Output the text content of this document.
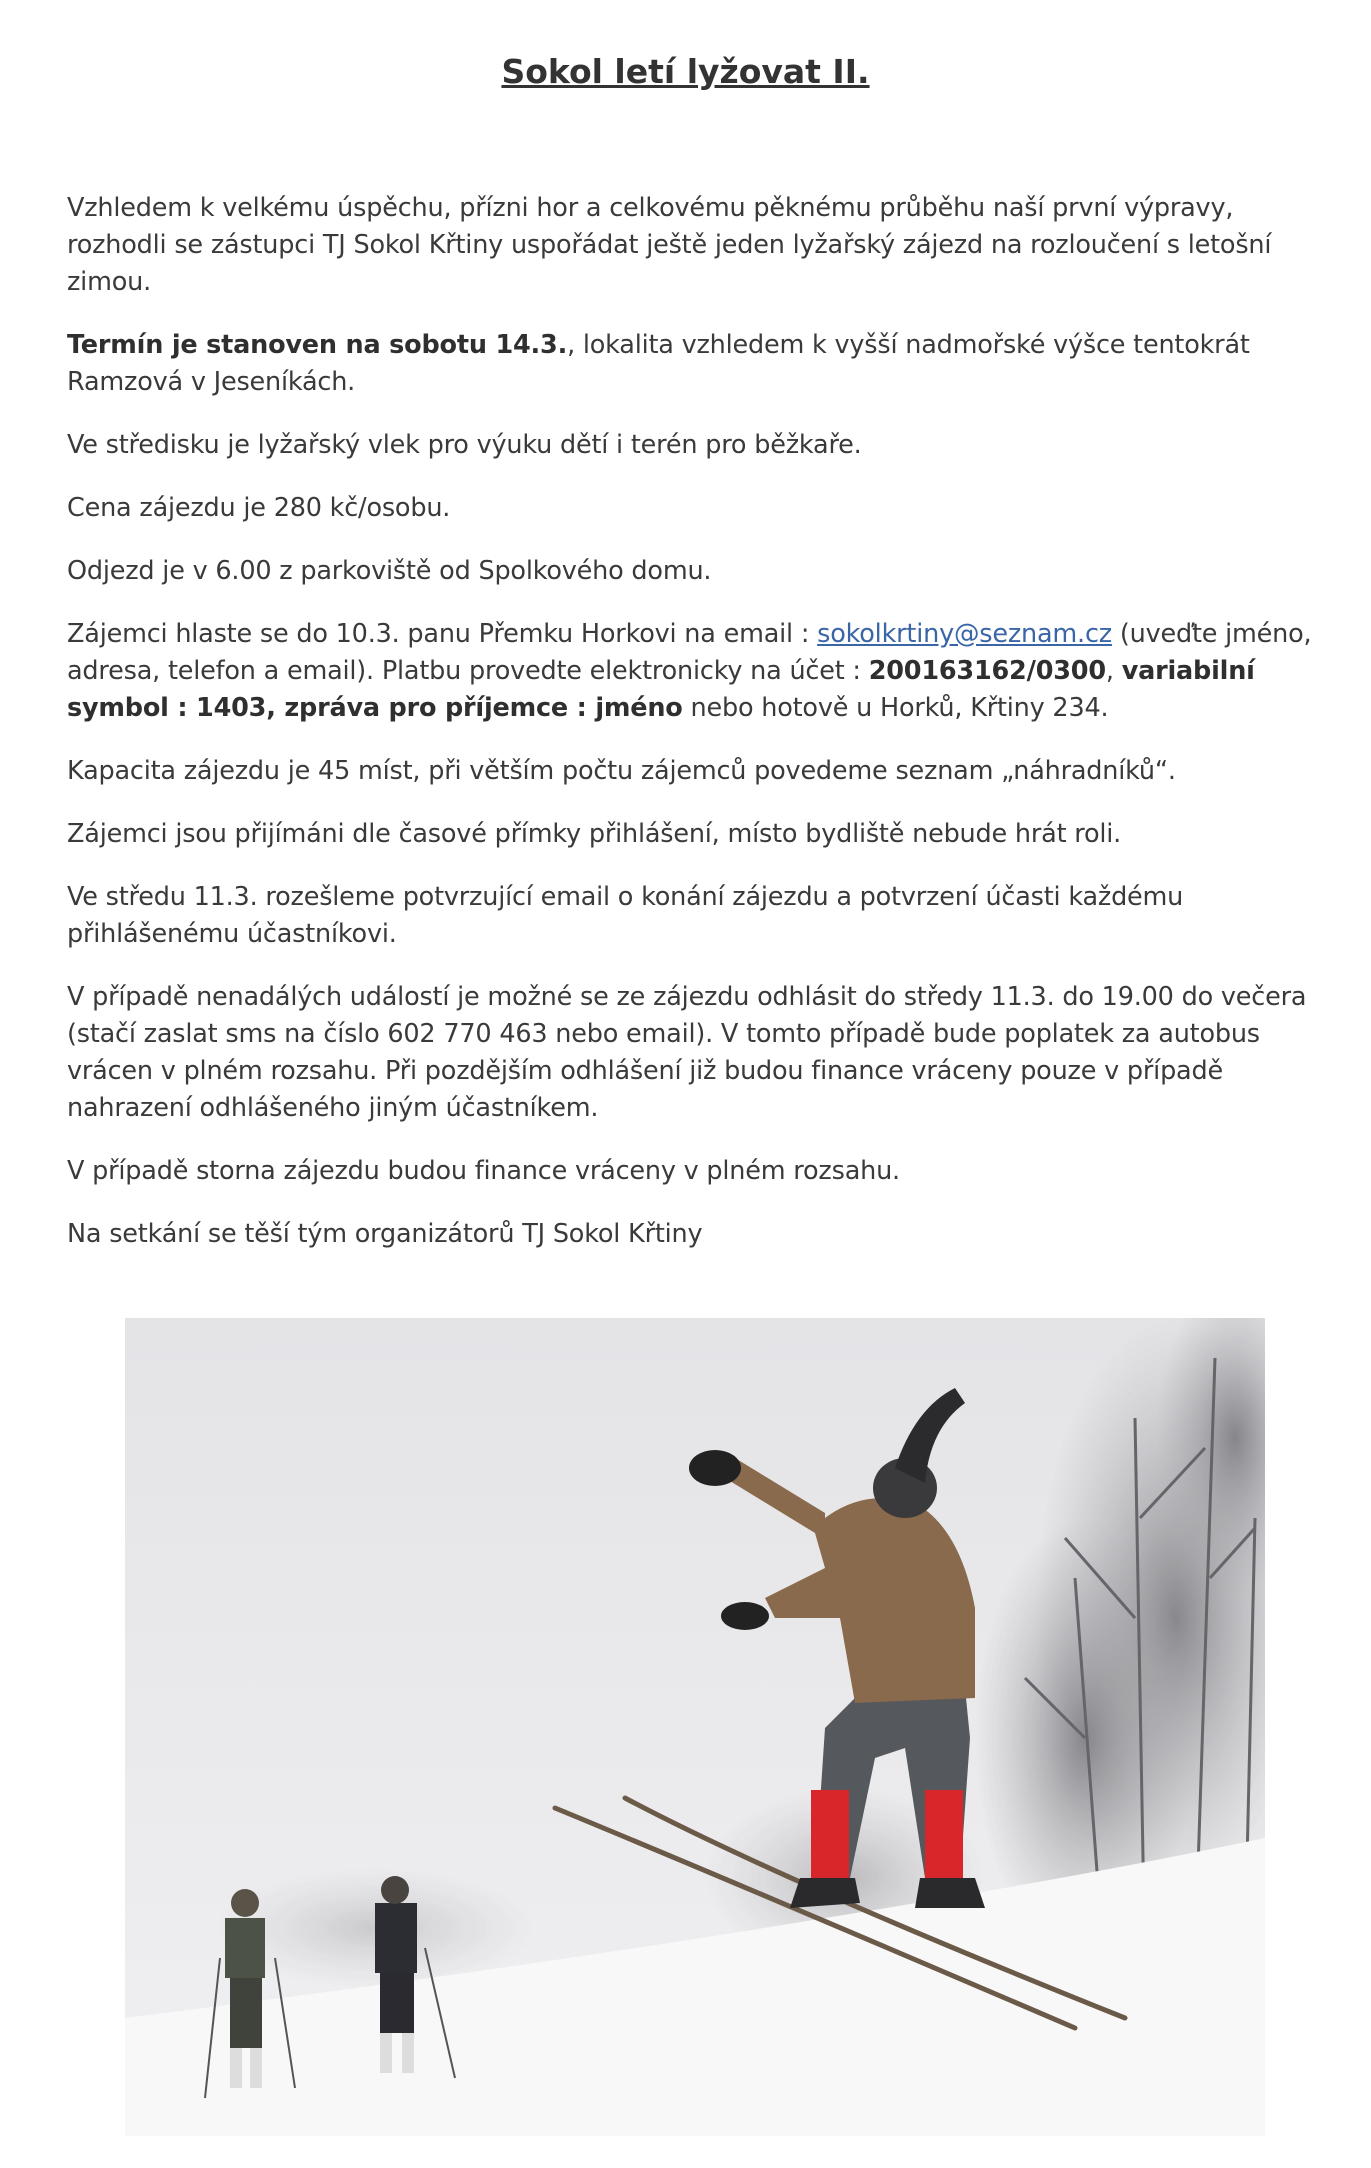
Sokol letí lyžovat II.

Vzhledem k velkému úspěchu, přízni hor a celkovému pěknému průběhu naší první výpravy, rozhodli se zástupci TJ Sokol Křtiny uspořádat ještě jeden lyžařský zájezd na rozloučení s letošní zimou.

Termín je stanoven na sobotu 14.3., lokalita vzhledem k vyšší nadmořské výšce tentokrát Ramzová v Jeseníkách.

Ve středisku je lyžařský vlek pro výuku dětí i terén pro běžkaře.

Cena zájezdu je 280 kč/osobu.

Odjezd je v 6.00 z parkoviště od Spolkového domu.

Zájemci hlaste se do 10.3. panu Přemku Horkovi na email : sokolkrtiny@seznam.cz (uveďte jméno, adresa, telefon a email). Platbu provedte elektronicky na účet : 200163162/0300, variabilní symbol : 1403, zpráva pro příjemce : jméno nebo hotově u Horků, Křtiny 234.

Kapacita zájezdu je 45 míst, při větším počtu zájemců povedeme seznam „náhradníků“.

Zájemci jsou přijímáni dle časové přímky přihlášení, místo bydliště nebude hrát roli.

Ve středu 11.3. rozešleme potvrzující email o konání zájezdu a potvrzení účasti každému přihlášenému účastníkovi.

V případě nenadálých událostí je možné se ze zájezdu odhlásit do středy 11.3. do 19.00 do večera (stačí zaslat sms na číslo 602 770 463 nebo email). V tomto případě bude poplatek za autobus vrácen v plném rozsahu. Při pozdějším odhlášení již budou finance vráceny pouze v případě nahrazení odhlášeného jiným účastníkem.

V případě storna zájezdu budou finance vráceny v plném rozsahu.

Na setkání se těší tým organizátorů TJ Sokol Křtiny
